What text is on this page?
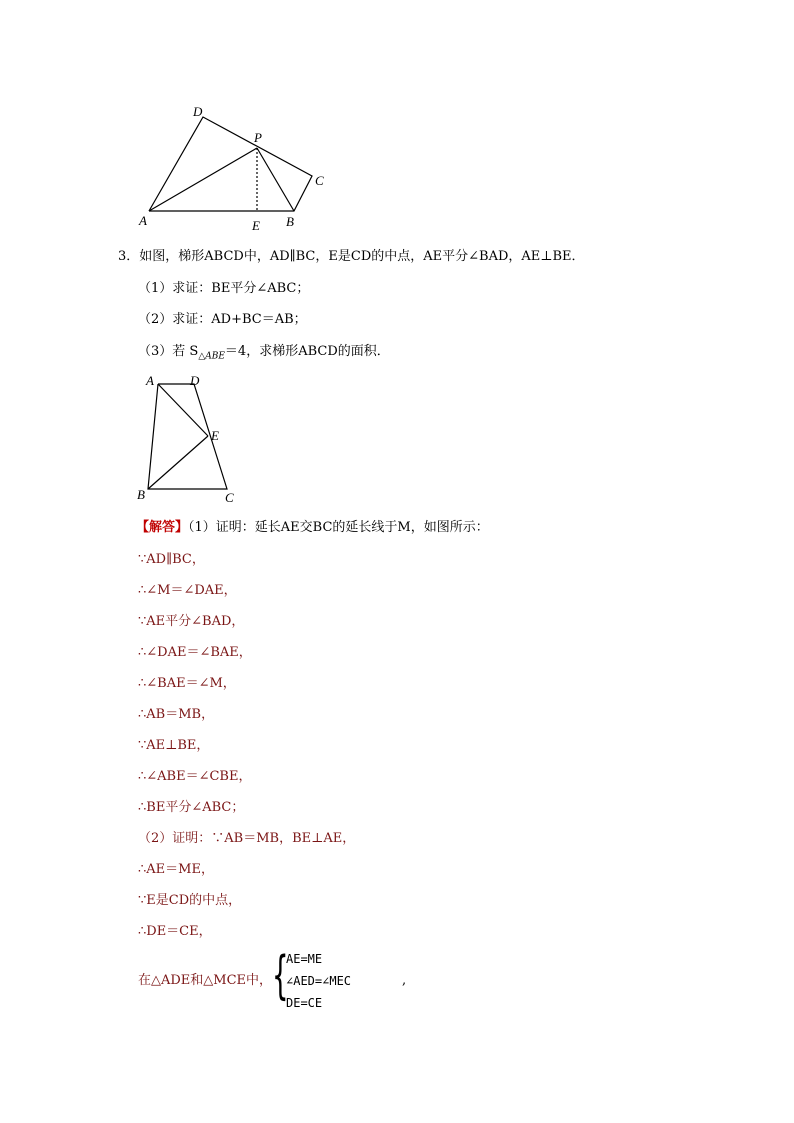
D
P
C
B
A	E
3．如图，梯形ABCD中，AD∥BC，E是CD的中点，AE平分∠BAD，AE⊥BE．
（1）求证：BE平分∠ABC；
（2）求证：AD+BC＝AB；
（3）若 $S_{\triangle ABE}=4$，求梯形ABCD的面积．
A	D
E
B	C
【解答】（1）证明：延长AE交BC的延长线于M，如图所示：
∵AD∥BC，
∴∠M＝∠DAE，
∵AE平分∠BAD，
∴∠DAE＝∠BAE，
∴∠BAE＝∠M，
∴AB＝MB，
∵AE⊥BE，
∴∠ABE＝∠CBE，
∴BE平分∠ABC；
（2）证明：∵AB＝MB，BE⊥AE，
∴AE＝ME，
∵E是CD的中点，
∴DE＝CE，
在△ADE和△MCE中， {
AE=ME
∠AED=∠MEC
DE=CE
,
